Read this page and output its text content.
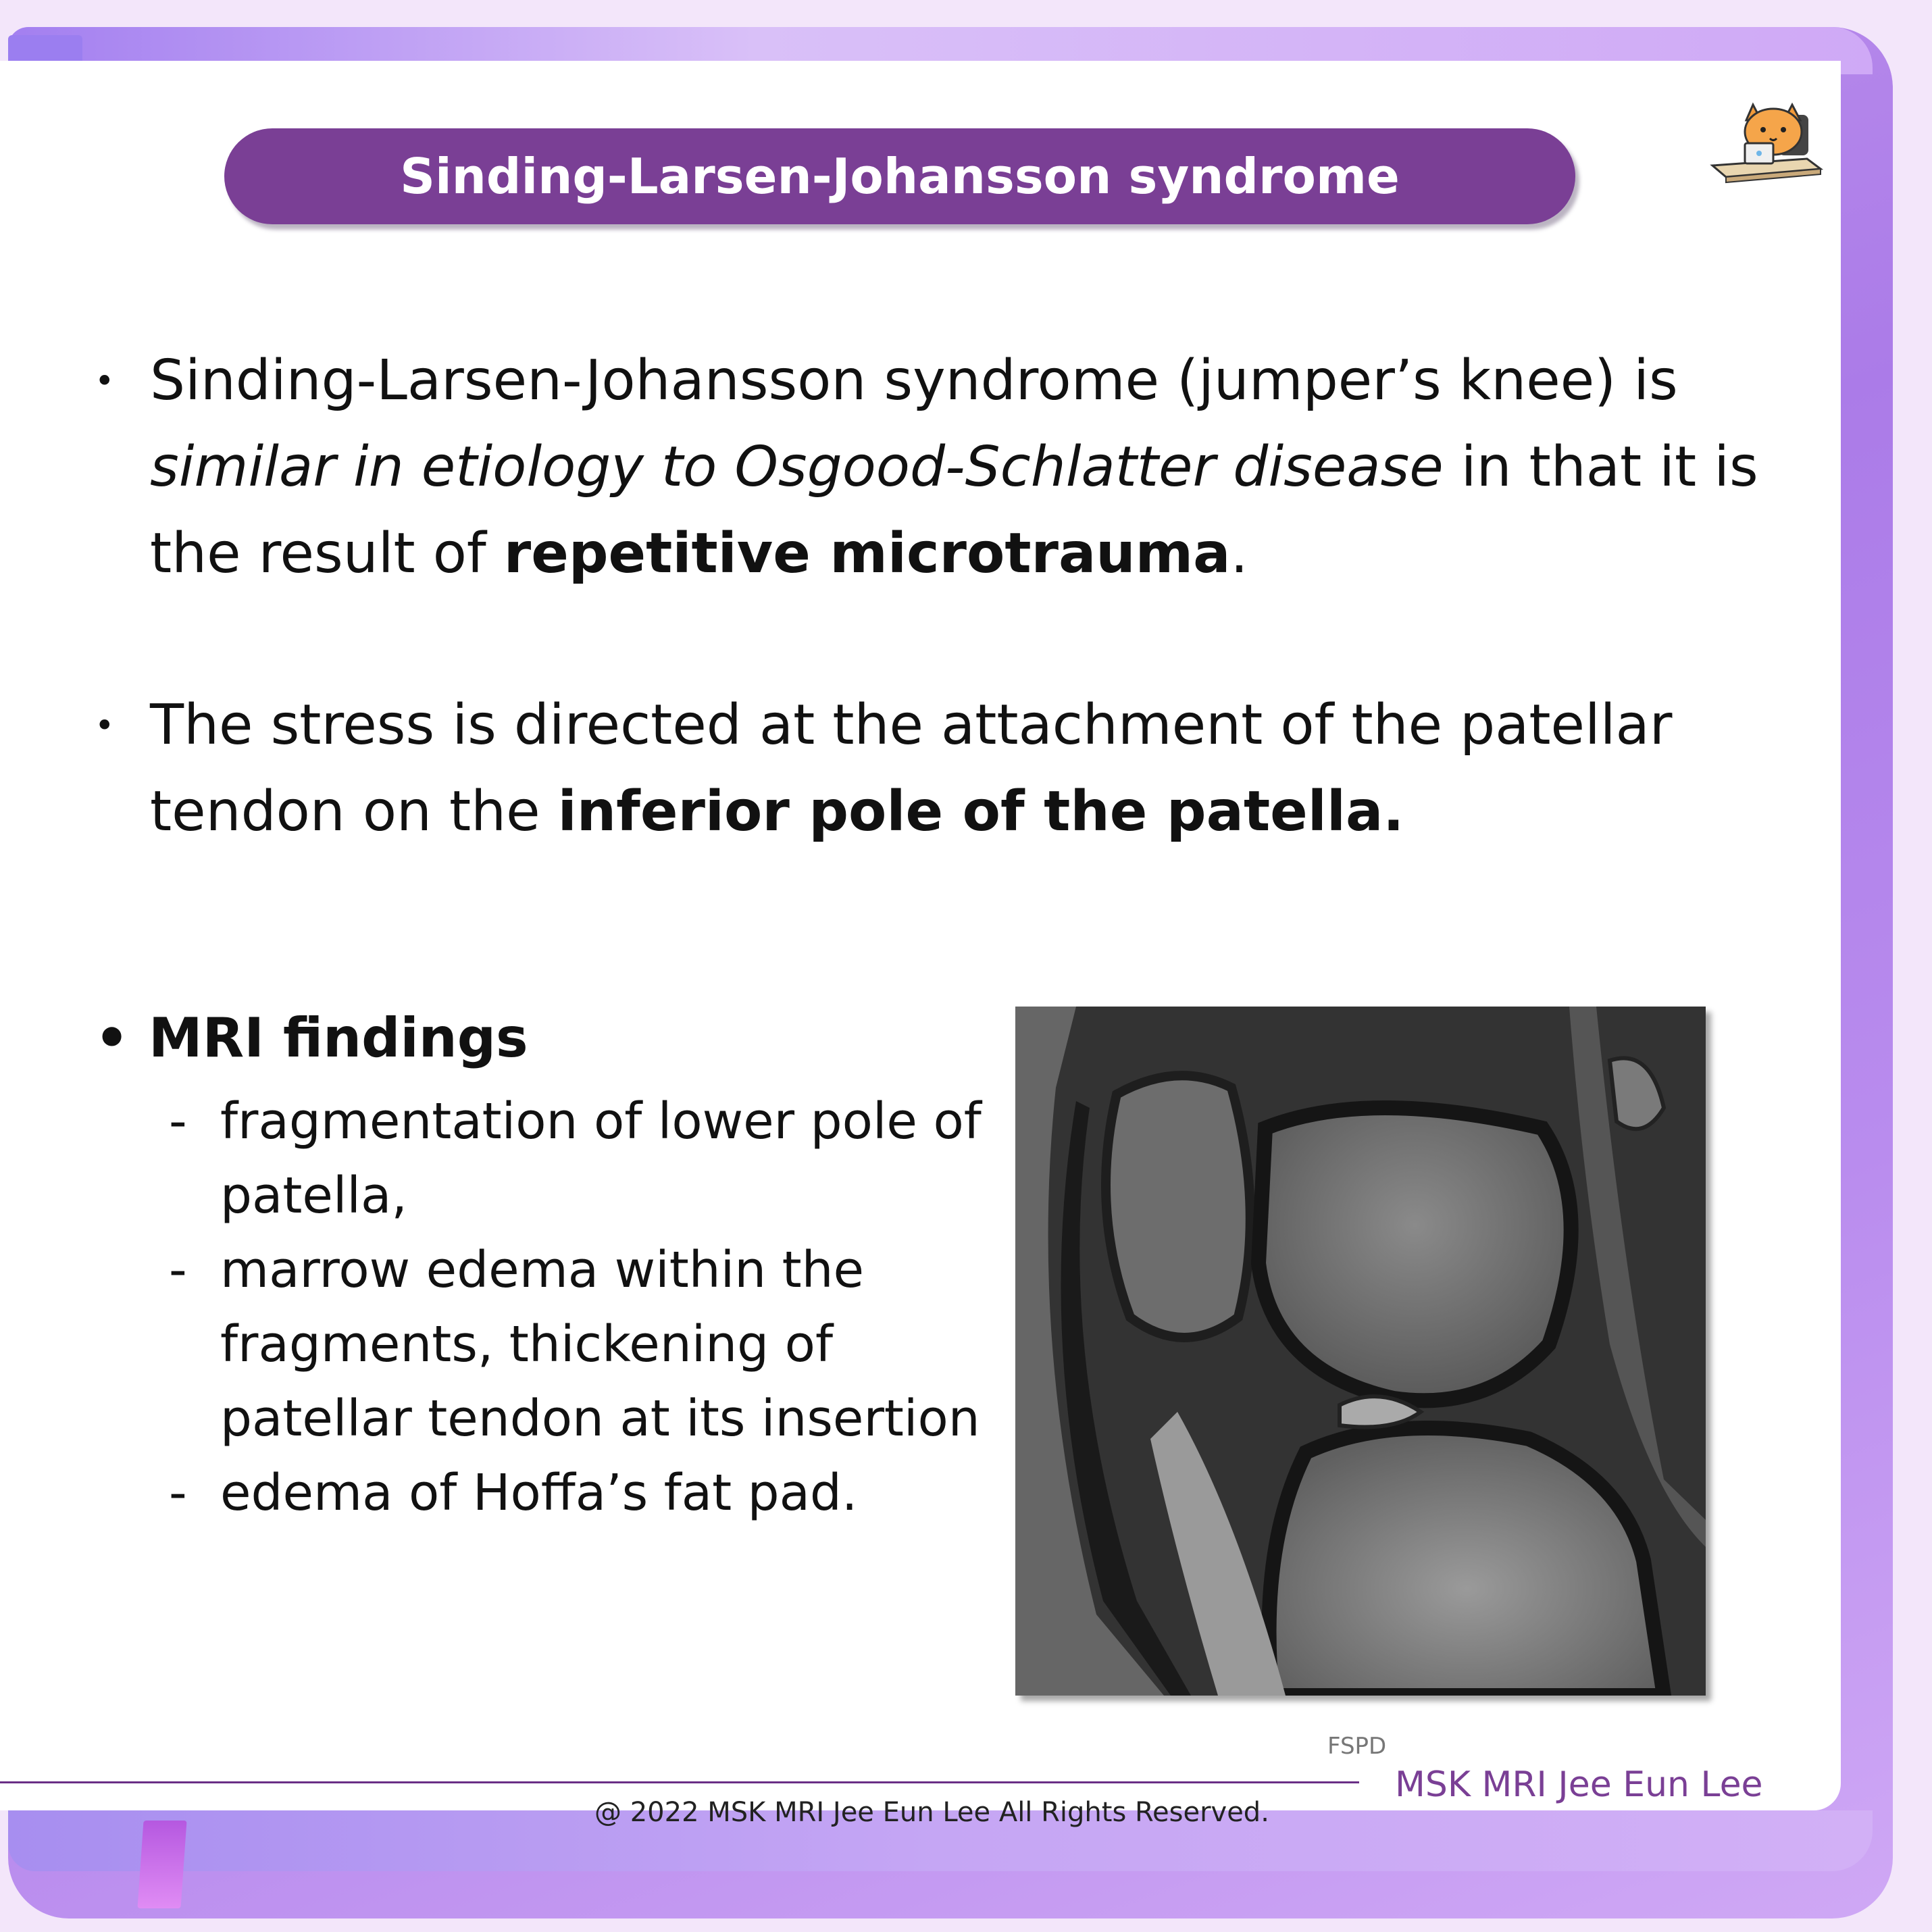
Sinding-Larsen-Johansson syndrome
• Sinding-Larsen-Johansson syndrome (jumper’s knee) is similar in etiology to Osgood-Schlatter disease in that it is the result of repetitive microtrauma.
• The stress is directed at the attachment of the patellar tendon on the inferior pole of the patella.
• MRI findings
- fragmentation of lower pole of patella,
- marrow edema within the fragments, thickening of patellar tendon at its insertion
- edema of Hoffa’s fat pad.
FSPD
@ 2022 MSK MRI Jee Eun Lee All Rights Reserved.
MSK MRI Jee Eun Lee
